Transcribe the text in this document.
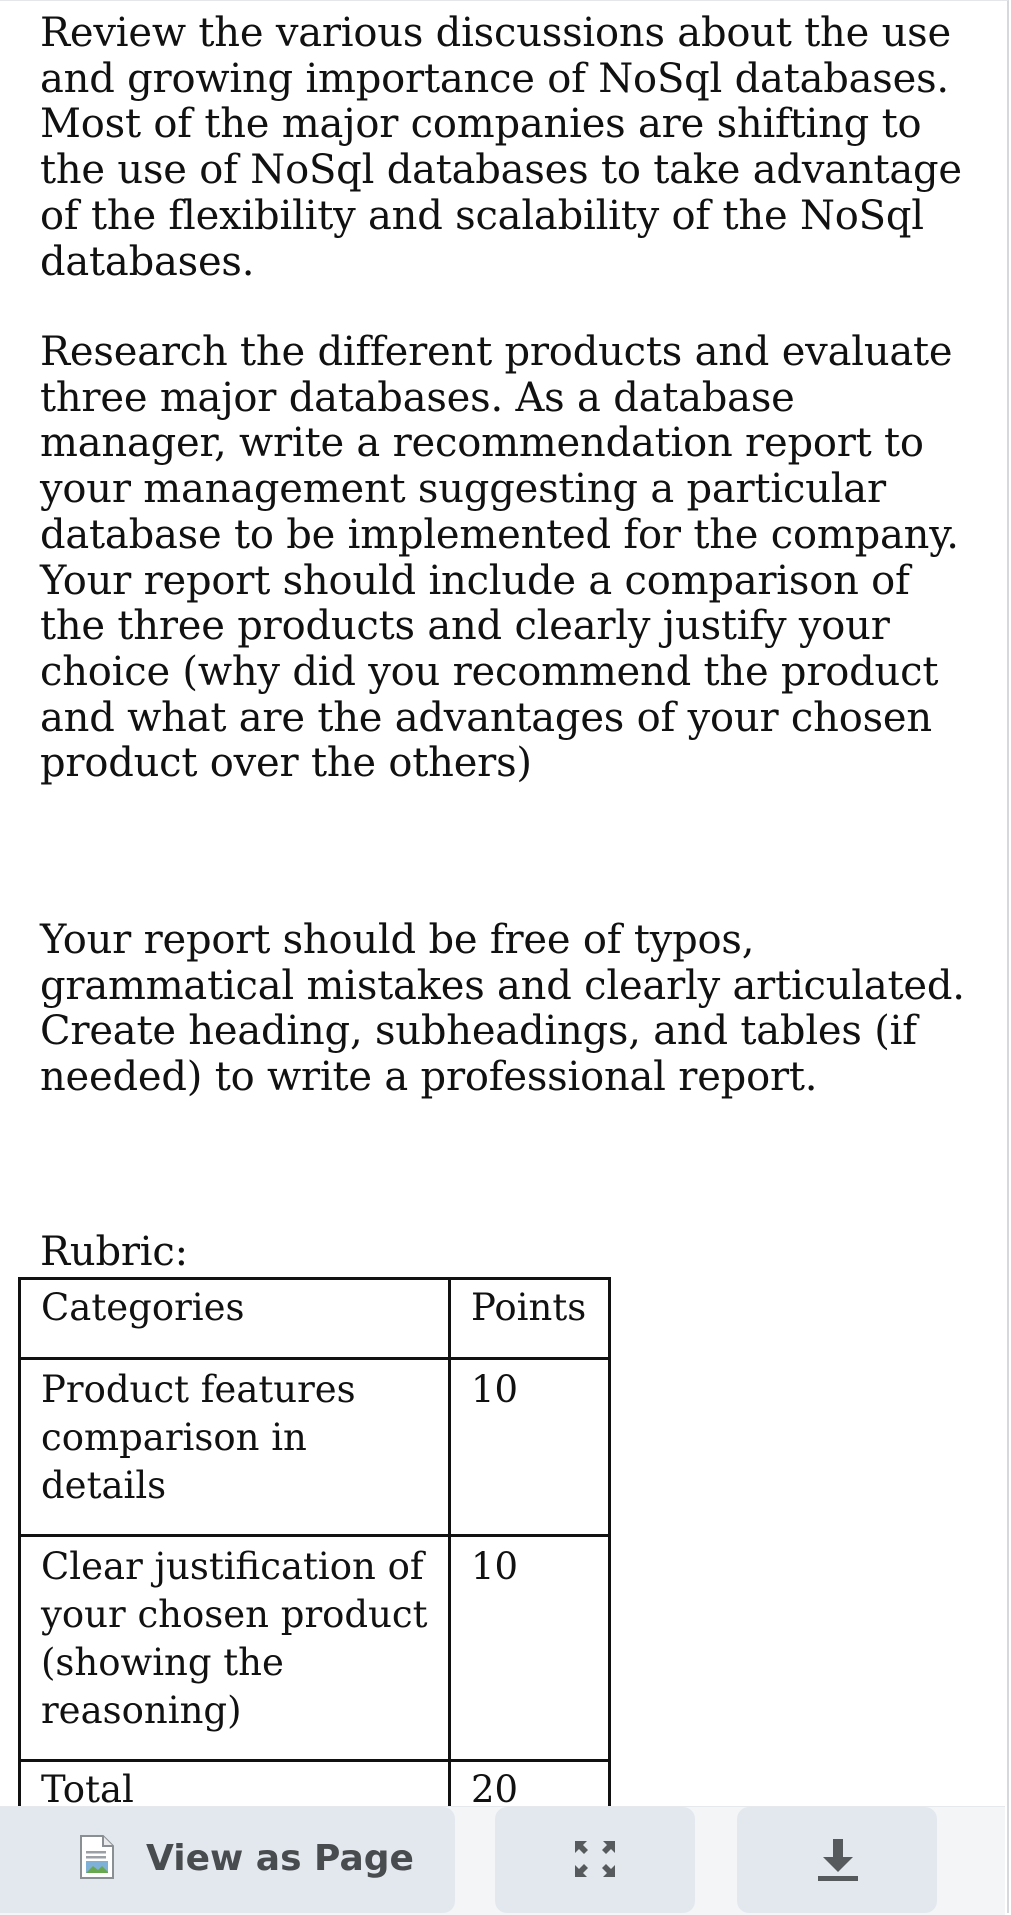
Review the various discussions about the use
and growing importance of NoSql databases.
Most of the major companies are shifting to
the use of NoSql databases to take advantage
of the flexibility and scalability of the NoSql
databases.

Research the different products and evaluate
three major databases. As a database
manager, write a recommendation report to
your management suggesting a particular
database to be implemented for the company.
Your report should include a comparison of
the three products and clearly justify your
choice (why did you recommend the product
and what are the advantages of your chosen
product over the others)

Your report should be free of typos,
grammatical mistakes and clearly articulated.
Create heading, subheadings, and tables (if
needed) to write a professional report.

Rubric:

Categories	Points
Product features
comparison in
details	10
Clear justification of
your chosen product
(showing the
reasoning)	10
Total	20
View as Page
